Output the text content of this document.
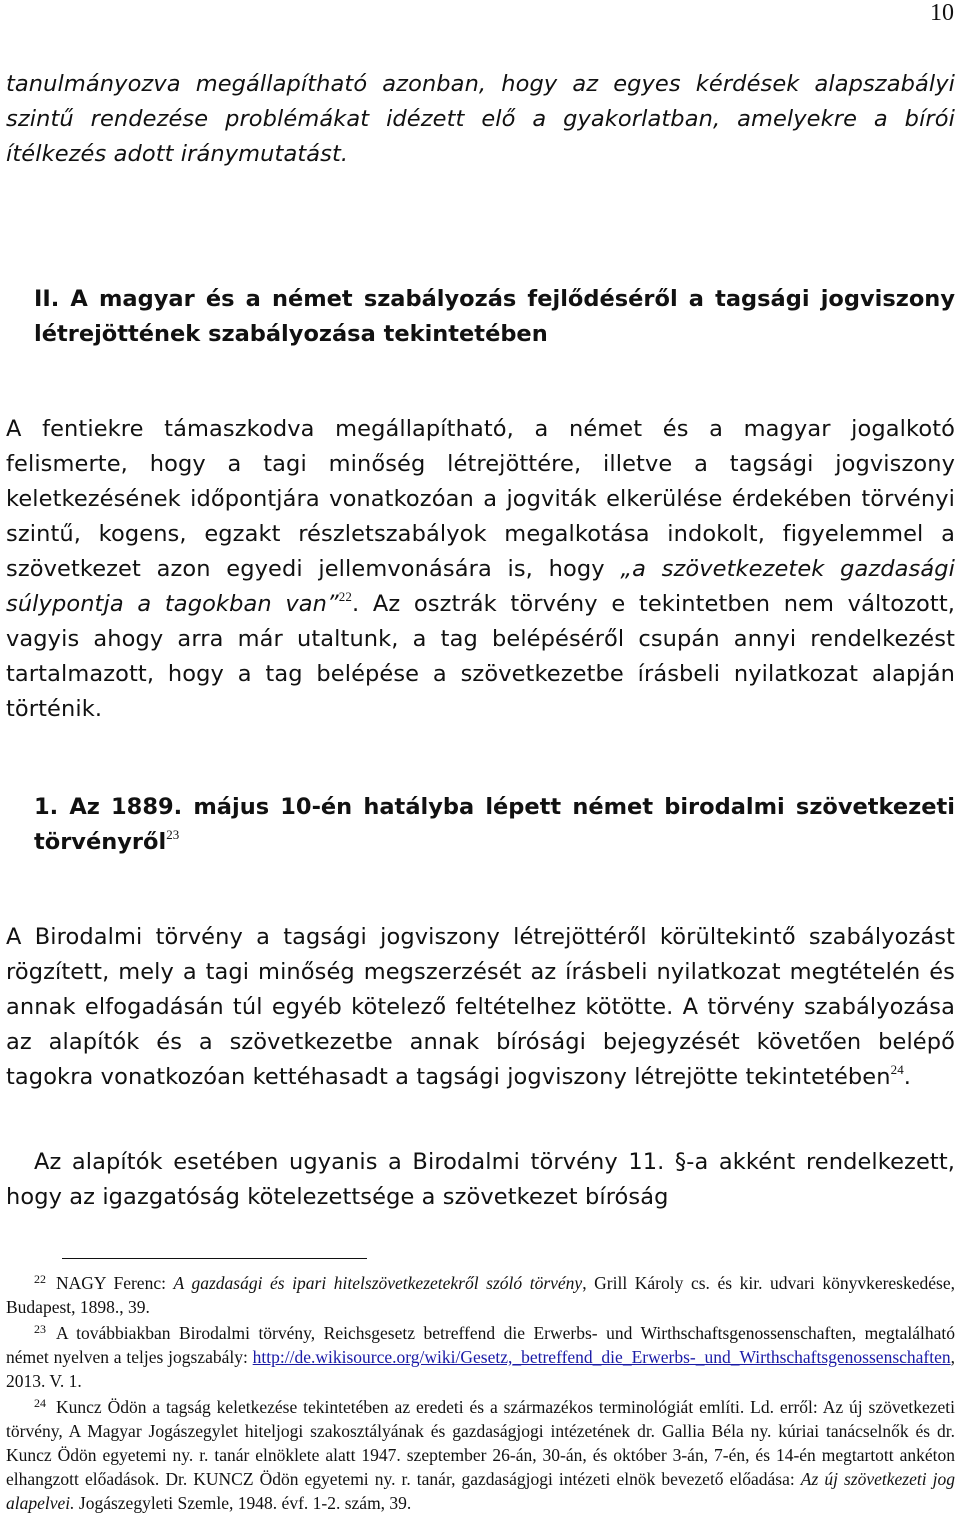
10
tanulmányozva megállapítható azonban, hogy az egyes kérdések alapszabályi szintű rendezése problémákat idézett elő a gyakorlatban, amelyekre a bírói ítélkezés adott iránymutatást.
II. A magyar és a német szabályozás fejlődéséről a tagsági jogviszony létrejöttének szabályozása tekintetében
A fentiekre támaszkodva megállapítható, a német és a magyar jogalkotó felismerte, hogy a tagi minőség létrejöttére, illetve a tagsági jogviszony keletkezésének időpontjára vonatkozóan a jogviták elkerülése érdekében törvényi szintű, kogens, egzakt részletszabályok megalkotása indokolt, figyelemmel a szövetkezet azon egyedi jellemvonására is, hogy „a szövetkezetek gazdasági súlypontja a tagokban van”$^{22}$. Az osztrák törvény e tekintetben nem változott, vagyis ahogy arra már utaltunk, a tag belépéséről csupán annyi rendelkezést tartalmazott, hogy a tag belépése a szövetkezetbe írásbeli nyilatkozat alapján történik.
1. Az 1889. május 10-én hatályba lépett német birodalmi szövetkezeti törvényről$^{23}$
A Birodalmi törvény a tagsági jogviszony létrejöttéről körültekintő szabályozást rögzített, mely a tagi minőség megszerzését az írásbeli nyilatkozat megtételén és annak elfogadásán túl egyéb kötelező feltételhez kötötte. A törvény szabályozása az alapítók és a szövetkezetbe annak bírósági bejegyzését követően belépő tagokra vonatkozóan kettéhasadt a tagsági jogviszony létrejötte tekintetében$^{24}$.
Az alapítók esetében ugyanis a Birodalmi törvény 11. §-a akként rendelkezett, hogy az igazgatóság kötelezettsége a szövetkezet bíróság
$^{22}$ NAGY Ferenc: A gazdasági és ipari hitelszövetkezetekről szóló törvény, Grill Károly cs. és kir. udvari könyvkereskedése, Budapest, 1898., 39.
$^{23}$ A továbbiakban Birodalmi törvény, Reichsgesetz betreffend die Erwerbs- und Wirthschaftsgenossenschaften, megtalálható német nyelven a teljes jogszabály: http://de.wikisource.org/wiki/Gesetz,_betreffend_die_Erwerbs-_und_Wirthschaftsgenossenschaften, 2013. V. 1.
$^{24}$ Kuncz Ödön a tagság keletkezése tekintetében az eredeti és a származékos terminológiát említi. Ld. erről: Az új szövetkezeti törvény, A Magyar Jogászegylet hiteljogi szakosztályának és gazdaságjogi intézetének dr. Gallia Béla ny. kúriai tanácselnők és dr. Kuncz Ödön egyetemi ny. r. tanár elnöklete alatt 1947. szeptember 26-án, 30-án, és október 3-án, 7-én, és 14-én megtartott ankéton elhangzott előadások. Dr. KUNCZ Ödön egyetemi ny. r. tanár, gazdaságjogi intézeti elnök bevezető előadása: Az új szövetkezeti jog alapelvei. Jogászegyleti Szemle, 1948. évf. 1-2. szám, 39.
